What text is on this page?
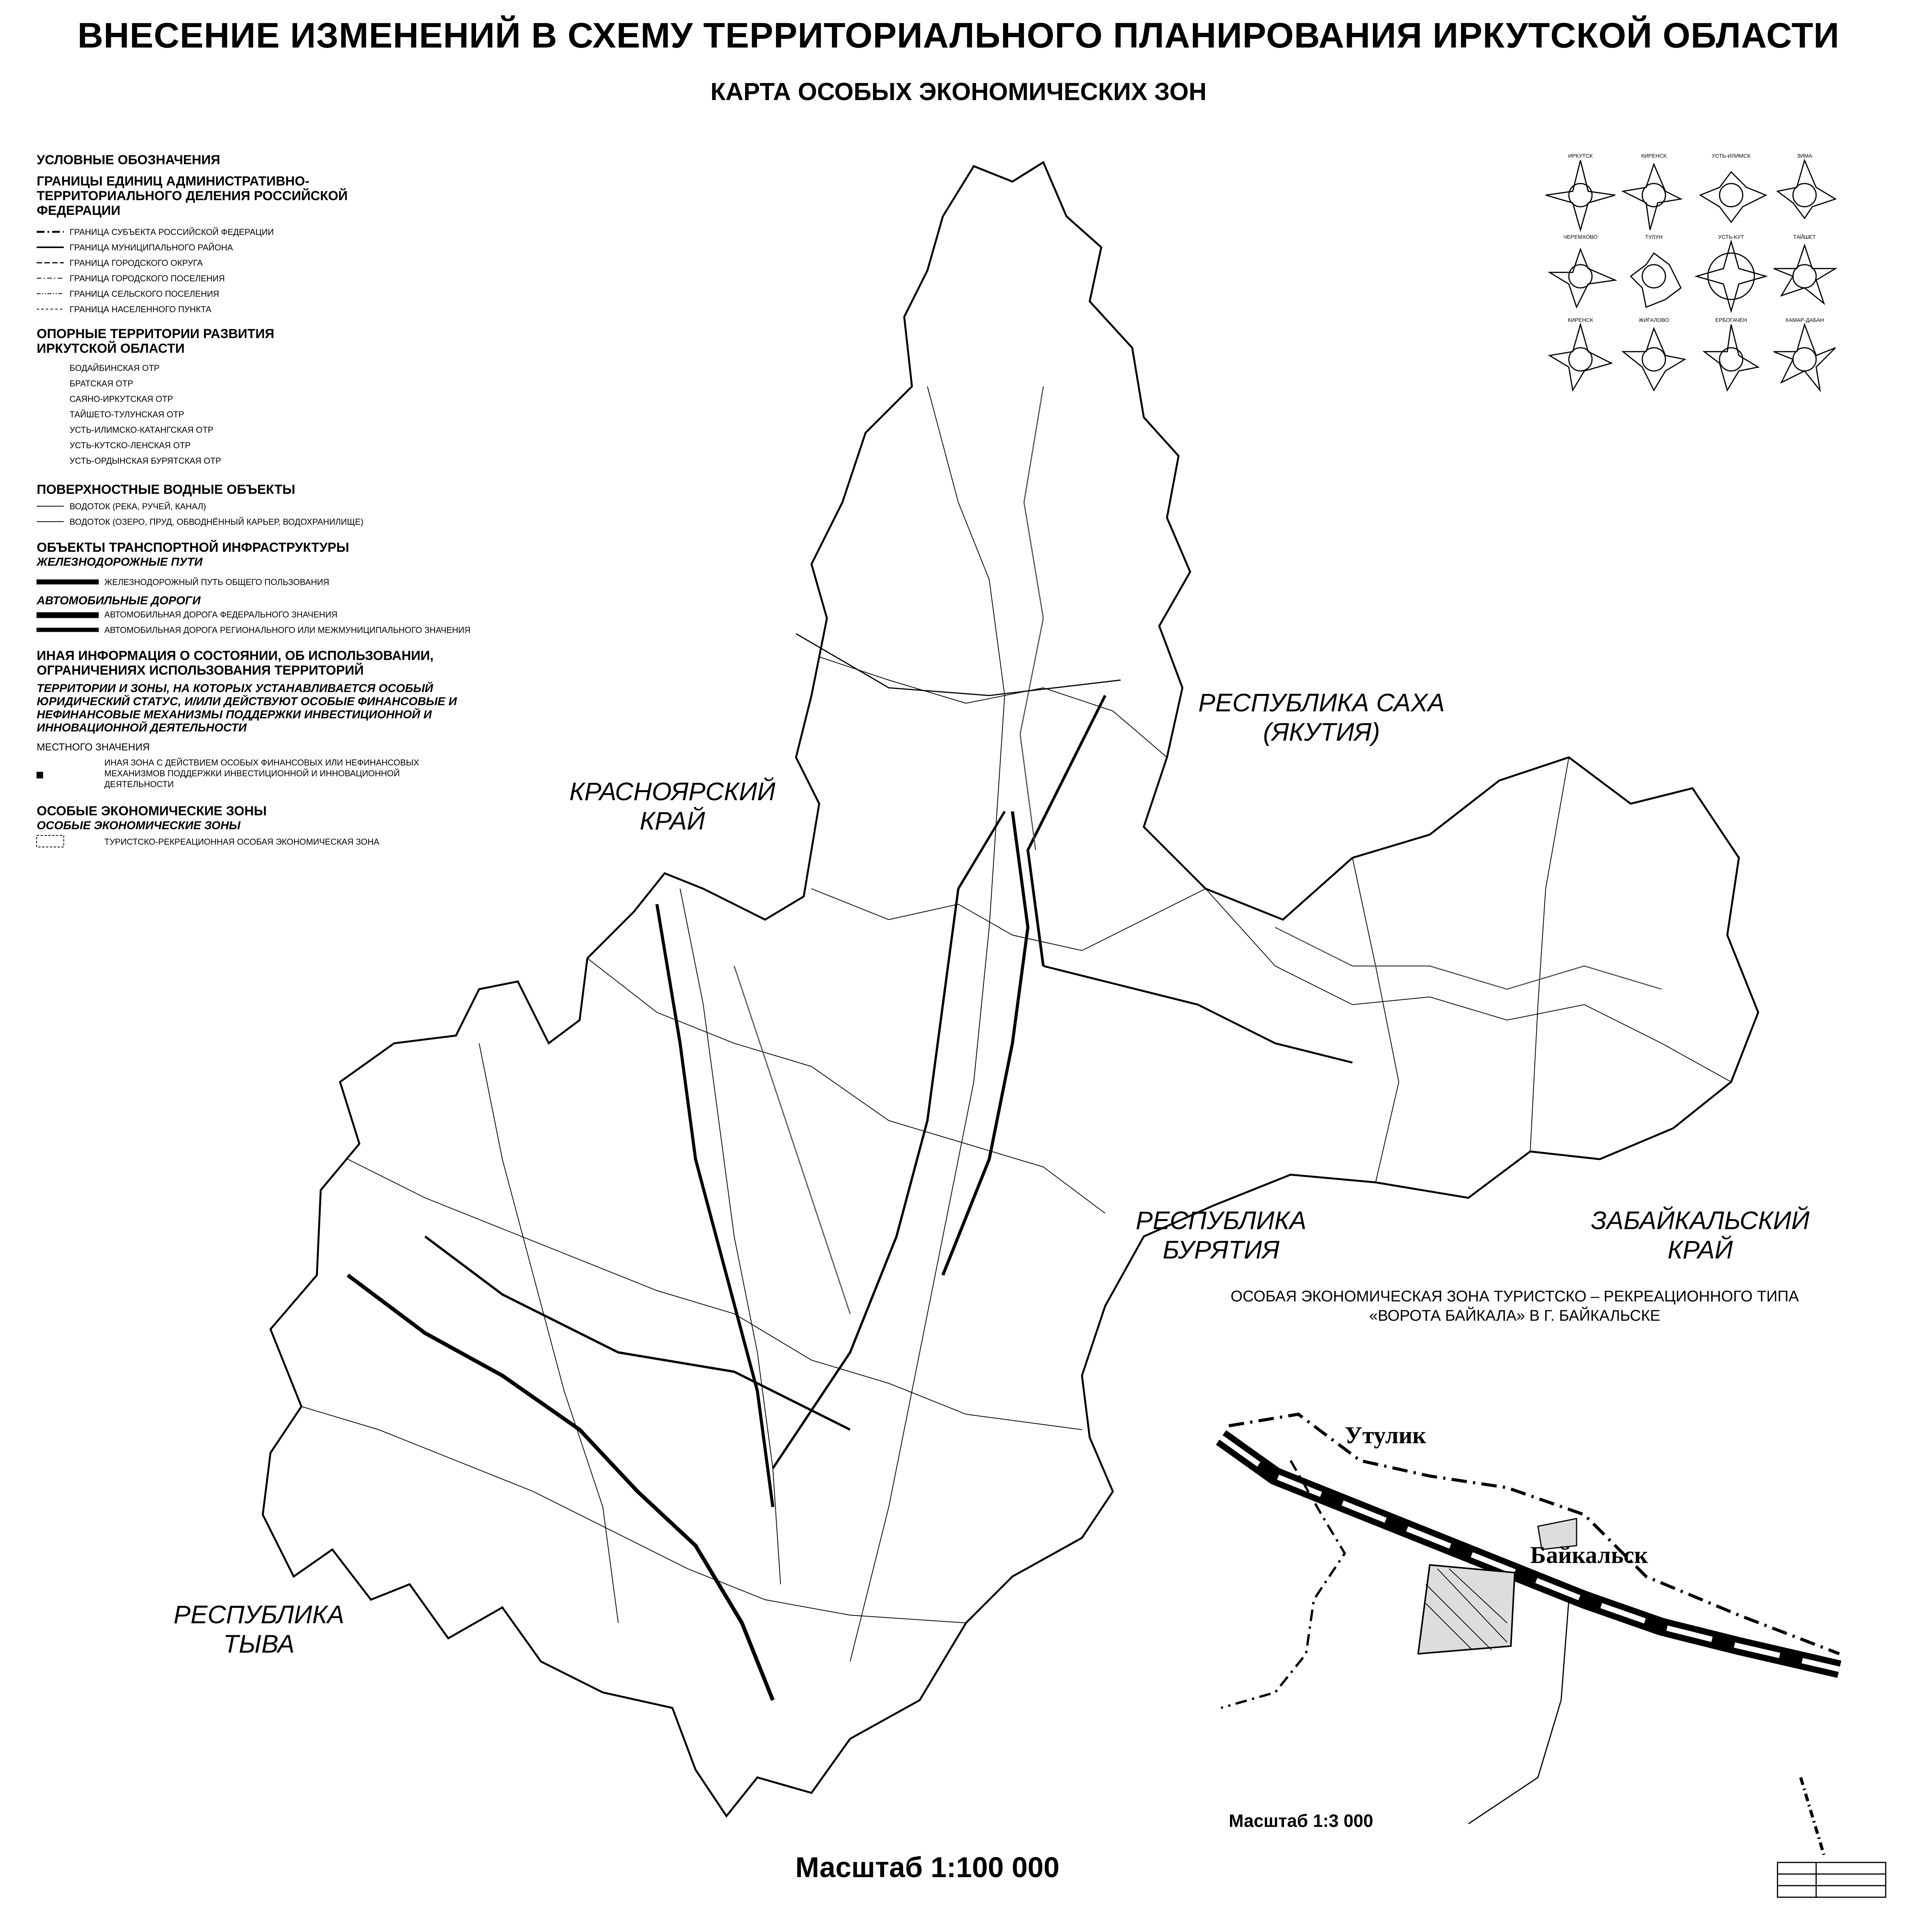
ВНЕСЕНИЕ ИЗМЕНЕНИЙ В СХЕМУ ТЕРРИТОРИАЛЬНОГО ПЛАНИРОВАНИЯ ИРКУТСКОЙ ОБЛАСТИ
КАРТА ОСОБЫХ ЭКОНОМИЧЕСКИХ ЗОН
УСЛОВНЫЕ ОБОЗНАЧЕНИЯ
ГРАНИЦЫ ЕДИНИЦ АДМИНИСТРАТИВНО-ТЕРРИТОРИАЛЬНОГО ДЕЛЕНИЯ РОССИЙСКОЙ ФЕДЕРАЦИИ
ГРАНИЦА СУБЪЕКТА РОССИЙСКОЙ ФЕДЕРАЦИИ
ГРАНИЦА МУНИЦИПАЛЬНОГО РАЙОНА
ГРАНИЦА ГОРОДСКОГО ОКРУГА
ГРАНИЦА ГОРОДСКОГО ПОСЕЛЕНИЯ
ГРАНИЦА СЕЛЬСКОГО ПОСЕЛЕНИЯ
ГРАНИЦА НАСЕЛЕННОГО ПУНКТА
ОПОРНЫЕ ТЕРРИТОРИИ РАЗВИТИЯ ИРКУТСКОЙ ОБЛАСТИ
БОДАЙБИНСКАЯ ОТР
БРАТСКАЯ ОТР
САЯНО-ИРКУТСКАЯ ОТР
ТАЙШЕТО-ТУЛУНСКАЯ ОТР
УСТЬ-ИЛИМСКО-КАТАНГСКАЯ ОТР
УСТЬ-КУТСКО-ЛЕНСКАЯ ОТР
УСТЬ-ОРДЫНСКАЯ БУРЯТСКАЯ ОТР
ПОВЕРХНОСТНЫЕ ВОДНЫЕ ОБЪЕКТЫ
ВОДОТОК (РЕКА, РУЧЕЙ, КАНАЛ)
ВОДОТОК (ОЗЕРО, ПРУД, ОБВОДНЁННЫЙ КАРЬЕР, ВОДОХРАНИЛИЩЕ)
ОБЪЕКТЫ ТРАНСПОРТНОЙ ИНФРАСТРУКТУРЫ
ЖЕЛЕЗНОДОРОЖНЫЕ ПУТИ
ЖЕЛЕЗНОДОРОЖНЫЙ ПУТЬ ОБЩЕГО ПОЛЬЗОВАНИЯ
АВТОМОБИЛЬНЫЕ ДОРОГИ
АВТОМОБИЛЬНАЯ ДОРОГА ФЕДЕРАЛЬНОГО ЗНАЧЕНИЯ
АВТОМОБИЛЬНАЯ ДОРОГА РЕГИОНАЛЬНОГО ИЛИ МЕЖМУНИЦИПАЛЬНОГО ЗНАЧЕНИЯ
ИНАЯ ИНФОРМАЦИЯ О СОСТОЯНИИ, ОБ ИСПОЛЬЗОВАНИИ, ОГРАНИЧЕНИЯХ ИСПОЛЬЗОВАНИЯ ТЕРРИТОРИЙ
ТЕРРИТОРИИ И ЗОНЫ, НА КОТОРЫХ УСТАНАВЛИВАЕТСЯ ОСОБЫЙ ЮРИДИЧЕСКИЙ СТАТУС, И/ИЛИ ДЕЙСТВУЮТ ОСОБЫЕ ФИНАНСОВЫЕ И НЕФИНАНСОВЫЕ МЕХАНИЗМЫ ПОДДЕРЖКИ ИНВЕСТИЦИОННОЙ И ИННОВАЦИОННОЙ ДЕЯТЕЛЬНОСТИ
МЕСТНОГО ЗНАЧЕНИЯ
ИНАЯ ЗОНА С ДЕЙСТВИЕМ ОСОБЫХ ФИНАНСОВЫХ ИЛИ НЕФИНАНСОВЫХ МЕХАНИЗМОВ ПОДДЕРЖКИ ИНВЕСТИЦИОННОЙ И ИННОВАЦИОННОЙ ДЕЯТЕЛЬНОСТИ
ОСОБЫЕ ЭКОНОМИЧЕСКИЕ ЗОНЫ
ОСОБЫЕ ЭКОНОМИЧЕСКИЕ ЗОНЫ
ТУРИСТСКО-РЕКРЕАЦИОННАЯ ОСОБАЯ ЭКОНОМИЧЕСКАЯ ЗОНА
ИРКУТСК	КИРЕНСК	УСТЬ-ИЛИМСК	ЗИМА
ЧЕРЕМХОВО	ТУЛУН	УСТЬ-КУТ	ТАЙШЕТ
КИРЕНСК	ЖИГАЛОВО	ЕРБОГАЧЕН	ХАМАР-ДАБАН
КРАСНОЯРСКИЙ
КРАЙ
РЕСПУБЛИКА САХА
(ЯКУТИЯ)
РЕСПУБЛИКА
БУРЯТИЯ
ЗАБАЙКАЛЬСКИЙ
КРАЙ
РЕСПУБЛИКА
ТЫВА
ОСОБАЯ ЭКОНОМИЧЕСКАЯ ЗОНА ТУРИСТСКО – РЕКРЕАЦИОННОГО ТИПА
«ВОРОТА БАЙКАЛА» В Г. БАЙКАЛЬСКЕ
Утулик
Байкальск
Масштаб 1:3 000
Масштаб 1:100 000
